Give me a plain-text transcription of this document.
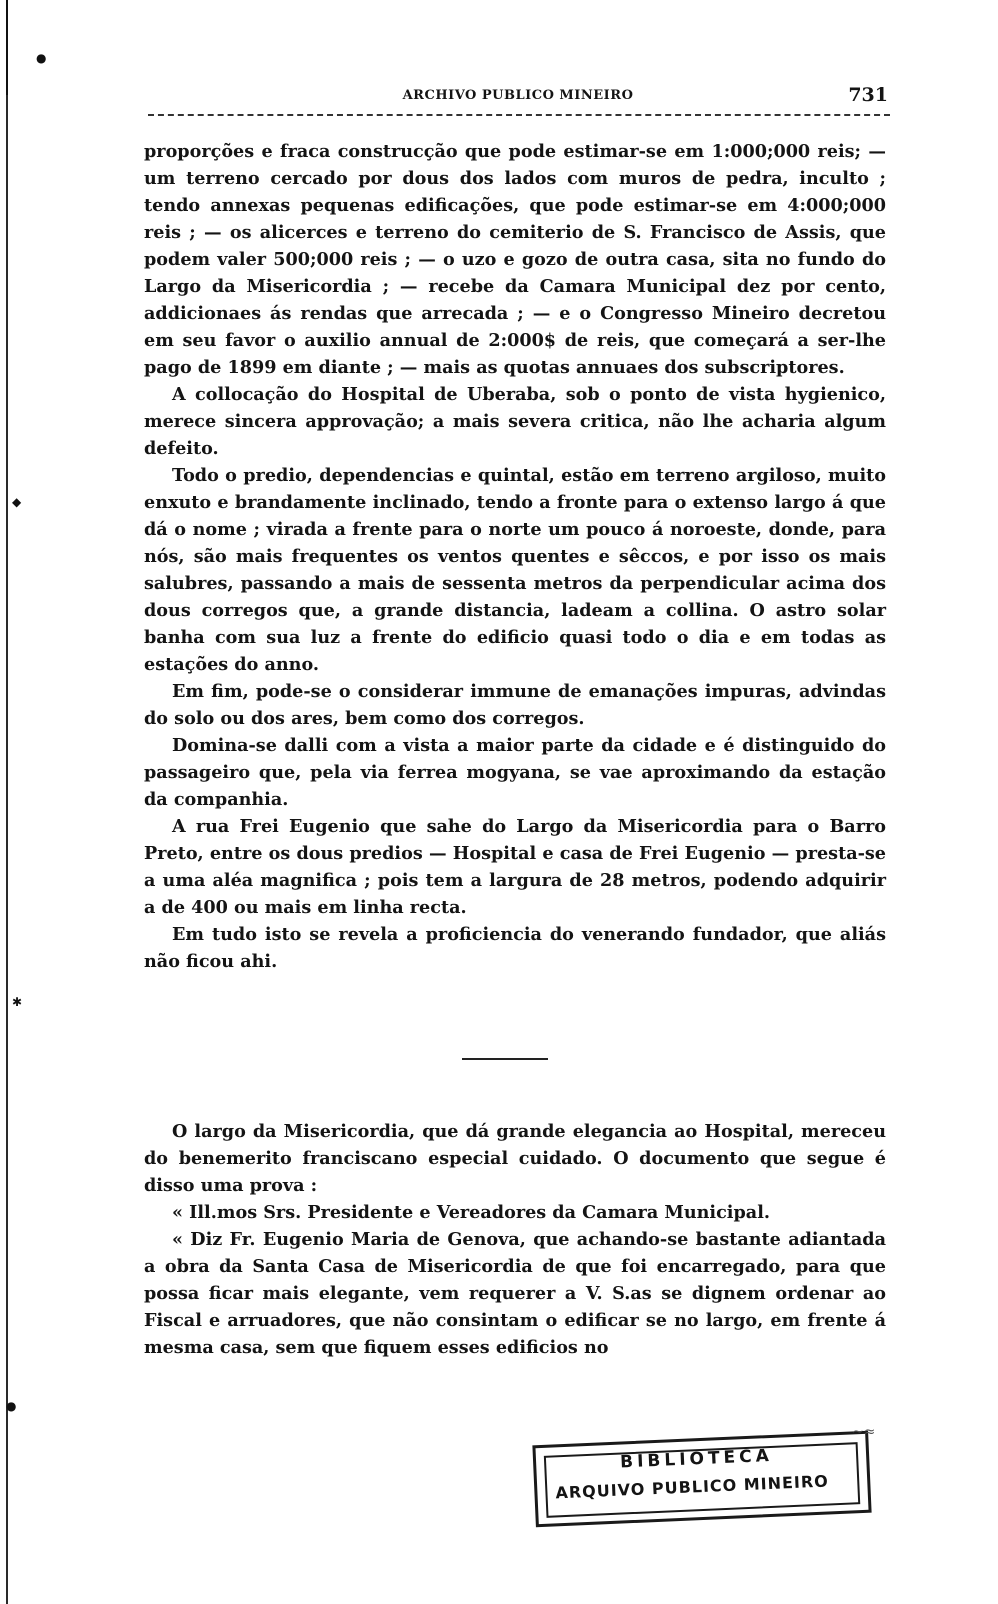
●
◆
✱
●
ARCHIVO PUBLICO MINEIRO	731

proporções e fraca construcção que pode estimar-se em 1:000;000 reis; — um terreno cercado por dous dos lados com muros de pedra, inculto ; tendo annexas pequenas edificações, que pode estimar-se em 4:000;000 reis ; — os alicerces e terreno do cemiterio de S. Francisco de Assis, que podem valer 500;000 reis ; — o uzo e gozo de outra casa, sita no fundo do Largo da Misericordia ; — recebe da Camara Municipal dez por cento, addicionaes ás rendas que arrecada ; — e o Congresso Mineiro decretou em seu favor o auxilio annual de 2:000$ de reis, que começará a ser-lhe pago de 1899 em diante ; — mais as quotas annuaes dos subscriptores.

A collocação do Hospital de Uberaba, sob o ponto de vista hygienico, merece sincera approvação; a mais severa critica, não lhe acharia algum defeito.

Todo o predio, dependencias e quintal, estão em terreno argiloso, muito enxuto e brandamente inclinado, tendo a fronte para o extenso largo á que dá o nome ; virada a frente para o norte um pouco á noroeste, donde, para nós, são mais frequentes os ventos quentes e sêccos, e por isso os mais salubres, passando a mais de sessenta metros da perpendicular acima dos dous corregos que, a grande distancia, ladeam a collina. O astro solar banha com sua luz a frente do edificio quasi todo o dia e em todas as estações do anno.

Em fim, pode-se o considerar immune de emanações impuras, advindas do solo ou dos ares, bem como dos corregos.

Domina-se dalli com a vista a maior parte da cidade e é distinguido do passageiro que, pela via ferrea mogyana, se vae aproximando da estação da companhia.

A rua Frei Eugenio que sahe do Largo da Misericordia para o Barro Preto, entre os dous predios — Hospital e casa de Frei Eugenio — presta-se a uma aléa magnifica ; pois tem a largura de 28 metros, podendo adquirir a de 400 ou mais em linha recta.

Em tudo isto se revela a proficiencia do venerando fundador, que aliás não ficou ahi.

O largo da Misericordia, que dá grande elegancia ao Hospital, mereceu do benemerito franciscano especial cuidado. O documento que segue é disso uma prova :

« Ill.mos Srs. Presidente e Vereadores da Camara Municipal.

« Diz Fr. Eugenio Maria de Genova, que achando-se bastante adiantada a obra da Santa Casa de Misericordia de que foi encarregado, para que possa ficar mais elegante, vem requerer a V. S.as se dignem ordenar ao Fiscal e arruadores, que não consintam o edificar se no largo, em frente á mesma casa, sem que fiquem esses edificios no

BIBLIOTECA
ARQUIVO PUBLICO MINEIRO
~≈
